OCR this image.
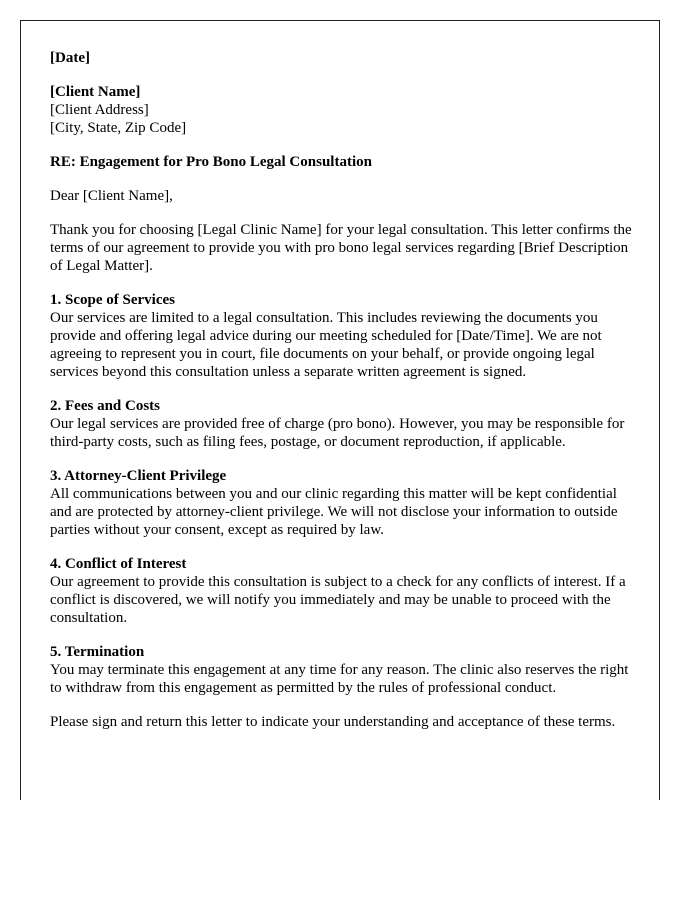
[Date]
[Client Name]
[Client Address]
[City, State, Zip Code]
RE: Engagement for Pro Bono Legal Consultation

Dear [Client Name],

Thank you for choosing [Legal Clinic Name] for your legal consultation. This letter confirms the terms of our agreement to provide you with pro bono legal services regarding [Brief Description of Legal Matter].

1. Scope of Services

Our services are limited to a legal consultation. This includes reviewing the documents you provide and offering legal advice during our meeting scheduled for [Date/Time]. We are not agreeing to represent you in court, file documents on your behalf, or provide ongoing legal services beyond this consultation unless a separate written agreement is signed.

2. Fees and Costs

Our legal services are provided free of charge (pro bono). However, you may be responsible for third-party costs, such as filing fees, postage, or document reproduction, if applicable.

3. Attorney-Client Privilege

All communications between you and our clinic regarding this matter will be kept confidential and are protected by attorney-client privilege. We will not disclose your information to outside parties without your consent, except as required by law.

4. Conflict of Interest

Our agreement to provide this consultation is subject to a check for any conflicts of interest. If a conflict is discovered, we will notify you immediately and may be unable to proceed with the consultation.

5. Termination

You may terminate this engagement at any time for any reason. The clinic also reserves the right to withdraw from this engagement as permitted by the rules of professional conduct.

Please sign and return this letter to indicate your understanding and acceptance of these terms.
